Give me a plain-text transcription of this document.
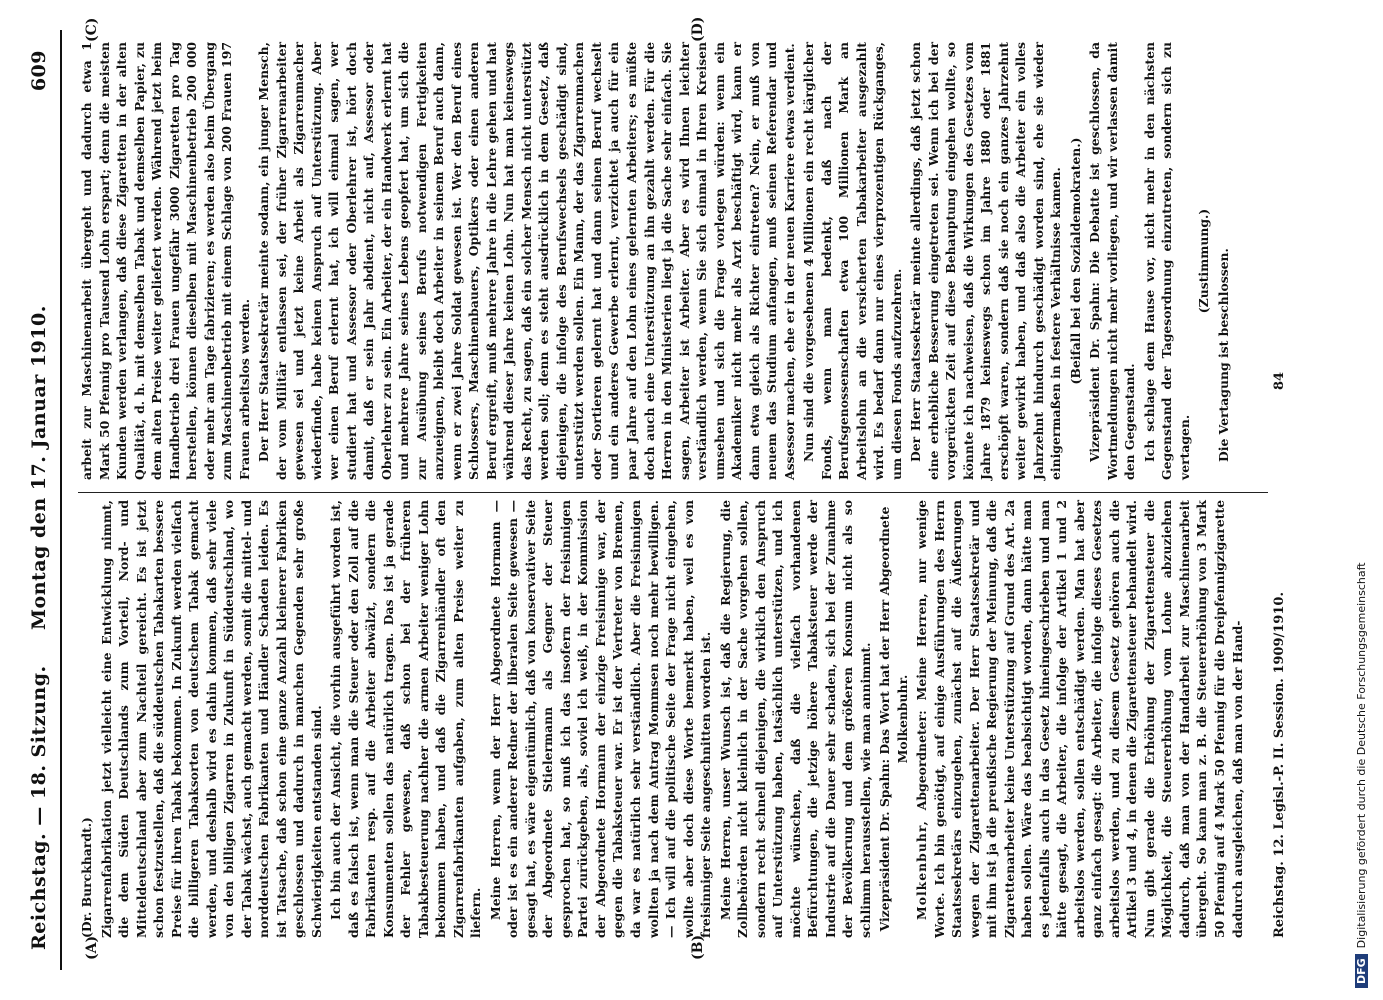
Reichstag. — 18. Sitzung.
Montag den 17. Januar 1910.
609
(A)	(B)
(C)	(D)

(Dr. Burckhardt.) Zigarrenfabrikation jetzt vielleicht eine Entwicklung nimmt, die dem Süden Deutschlands zum Vorteil, Nord- und Mitteldeutschland aber zum Nachteil gereicht. Es ist jetzt schon festzustellen, daß die süddeutschen Tabakarten bessere Preise für ihren Tabak bekommen. In Zukunft werden vielfach die billigeren Tabaksorten von deutschem Tabak gemacht werden, und deshalb wird es dahin kommen, daß sehr viele von den billigen Zigarren in Zukunft in Süddeutschland, wo der Tabak wächst, auch gemacht werden, somit die mittel- und norddeutschen Fabrikanten und Händler Schaden leiden. Es ist Tatsache, daß schon eine ganze Anzahl kleinerer Fabriken geschlossen und dadurch in manchen Gegenden sehr große Schwierigkeiten entstanden sind. Ich bin auch der Ansicht, die vorhin ausgeführt worden ist, daß es falsch ist, wenn man die Steuer oder den Zoll auf die Fabrikanten resp. auf die Arbeiter abwälzt, sondern die Konsumenten sollen das natürlich tragen. Das ist ja gerade der Fehler gewesen, daß schon bei der früheren Tabakbesteuerung nachher die armen Arbeiter weniger Lohn bekommen haben, und daß die Zigarrenhändler oft den Zigarrenfabrikanten aufgaben, zum alten Preise weiter zu liefern. Meine Herren, wenn der Herr Abgeordnete Hormann — oder ist es ein anderer Redner der liberalen Seite gewesen — gesagt hat, es wäre eigentümlich, daß von konservativer Seite der Abgeordnete Stielermann als Gegner der Steuer gesprochen hat, so muß ich das insofern der freisinnigen Partei zurückgeben, als, soviel ich weiß, in der Kommission der Abgeordnete Hormann der einzige Freisinnige war, der gegen die Tabaksteuer war. Er ist der Vertreter von Bremen, da war es natürlich sehr verständlich. Aber die Freisinnigen wollten ja nach dem Antrag Mommsen noch mehr bewilligen. — Ich will auf die politische Seite der Frage nicht eingehen, wollte aber doch diese Worte bemerkt haben, weil es von freisinniger Seite angeschnitten worden ist. Meine Herren, unser Wunsch ist, daß die Regierung, die Zollbehörden nicht kleinlich in der Sache vorgehen sollen, sondern recht schnell diejenigen, die wirklich den Anspruch auf Unterstützung haben, tatsächlich unterstützen, und ich möchte wünschen, daß die vielfach vorhandenen Befürchtungen, die jetzige höhere Tabaksteuer werde der Industrie auf die Dauer sehr schaden, sich bei der Zunahme der Bevölkerung und dem größeren Konsum nicht als so schlimm herausstellen, wie man annimmt. Vizepräsident Dr. Spahn: Das Wort hat der Herr Abgeordnete Molkenbuhr.

Molkenbuhr, Abgeordneter: Meine Herren, nur wenige Worte. Ich bin genötigt, auf einige Ausführungen des Herrn Staatssekretärs einzugehen, zunächst auf die Äußerungen wegen der Zigarettenarbeiter. Der Herr Staatssekretär und mit ihm ist ja die preußische Regierung der Meinung, daß die Zigarettenarbeiter keine Unterstützung auf Grund des Art. 2a haben sollen. Wäre das beabsichtigt worden, dann hätte man es jedenfalls auch in das Gesetz hineingeschrieben und man hätte gesagt, die Arbeiter, die infolge der Artikel 1 und 2 arbeitslos werden, sollen entschädigt werden. Man hat aber ganz einfach gesagt: die Arbeiter, die infolge dieses Gesetzes arbeitslos werden, und zu diesem Gesetz gehören auch die Artikel 3 und 4, in denen die Zigarettensteuer behandelt wird. Nun gibt gerade die Erhöhung der Zigarettensteuer die Möglichkeit, die Steuererhöhung vom Lohne abzuziehen dadurch, daß man von der Handarbeit zur Maschinenarbeit übergeht. So kann man z. B. die Steuererhöhung von 3 Mark 50 Pfennig auf 4 Mark 50 Pfennig für die Dreipfennigzigarette dadurch ausgleichen, daß man von der Hand-

arbeit zur Maschinenarbeit übergeht und dadurch etwa 1 Mark 50 Pfennig pro Tausend Lohn erspart; denn die meisten Kunden werden verlangen, daß diese Zigaretten in der alten Qualität, d. h. mit demselben Tabak und demselben Papier, zu dem alten Preise weiter geliefert werden. Während jetzt beim Handbetrieb drei Frauen ungefähr 3000 Zigaretten pro Tag herstellen, können dieselben mit Maschinenbetrieb 200 000 oder mehr am Tage fabrizieren; es werden also beim Übergang zum Maschinenbetrieb mit einem Schlage von 200 Frauen 197 Frauen arbeitslos werden. Der Herr Staatssekretär meinte sodann, ein junger Mensch, der vom Militär entlassen sei, der früher Zigarrenarbeiter gewesen sei und jetzt keine Arbeit als Zigarrenmacher wiederfinde, habe keinen Anspruch auf Unterstützung. Aber wer einen Beruf erlernt hat, ich will einmal sagen, wer studiert hat und Assessor oder Oberlehrer ist, hört doch damit, daß er sein Jahr abdient, nicht auf, Assessor oder Oberlehrer zu sein. Ein Arbeiter, der ein Handwerk erlernt hat und mehrere Jahre seines Lebens geopfert hat, um sich die zur Ausübung seines Berufs notwendigen Fertigkeiten anzueignen, bleibt doch Arbeiter in seinem Beruf auch dann, wenn er zwei Jahre Soldat gewesen ist. Wer den Beruf eines Schlossers, Maschinenbauers, Optikers oder einen anderen Beruf ergreift, muß mehrere Jahre in die Lehre gehen und hat während dieser Jahre keinen Lohn. Nun hat man keineswegs das Recht, zu sagen, daß ein solcher Mensch nicht unterstützt werden soll; denn es steht ausdrücklich in dem Gesetz, daß diejenigen, die infolge des Berufswechsels geschädigt sind, unterstützt werden sollen. Ein Mann, der das Zigarrenmachen oder Sortieren gelernt hat und dann seinen Beruf wechselt und ein anderes Gewerbe erlernt, verzichtet ja auch für ein paar Jahre auf den Lohn eines gelernten Arbeiters; es müßte doch auch eine Unterstützung an ihn gezahlt werden. Für die Herren in den Ministerien liegt ja die Sache sehr einfach. Sie sagen, Arbeiter ist Arbeiter. Aber es wird Ihnen leichter verständlich werden, wenn Sie sich einmal in Ihren Kreisen umsehen und sich die Frage vorlegen würden: wenn ein Akademiker nicht mehr als Arzt beschäftigt wird, kann er dann etwa gleich als Richter eintreten? Nein, er muß von neuem das Studium anfangen, muß seinen Referendar und Assessor machen, ehe er in der neuen Karriere etwas verdient. Nun sind die vorgesehenen 4 Millionen ein recht kärglicher Fonds, wenn man bedenkt, daß nach der Berufsgenossenschaften etwa 100 Millionen Mark an Arbeitslohn an die versicherten Tabakarbeiter ausgezahlt wird. Es bedarf dann nur eines vierprozentigen Rückganges, um diesen Fonds aufzuzehren. Der Herr Staatssekretär meinte allerdings, daß jetzt schon eine erhebliche Besserung eingetreten sei. Wenn ich bei der vorgerückten Zeit auf diese Behauptung eingehen wollte, so könnte ich nachweisen, daß die Wirkungen des Gesetzes vom Jahre 1879 keineswegs schon im Jahre 1880 oder 1881 erschöpft waren, sondern daß sie noch ein ganzes Jahrzehnt weiter gewirkt haben, und daß also die Arbeiter ein volles Jahrzehnt hindurch geschädigt worden sind, ehe sie wieder einigermaßen in festere Verhältnisse kamen. (Beifall bei den Sozialdemokraten.) Vizepräsident Dr. Spahn: Die Debatte ist geschlossen, da Wortmeldungen nicht mehr vorliegen, und wir verlassen damit den Gegenstand. Ich schlage dem Hause vor, nicht mehr in den nächsten Gegenstand der Tagesordnung einzutreten, sondern sich zu vertagen.

(Zustimmung.) Die Vertagung ist beschlossen.

Reichstag. 12. Legisl.-P. II. Session. 1909/1910.
84
DFGDigitalisierung gefördert durch die Deutsche Forschungsgemeinschaft
